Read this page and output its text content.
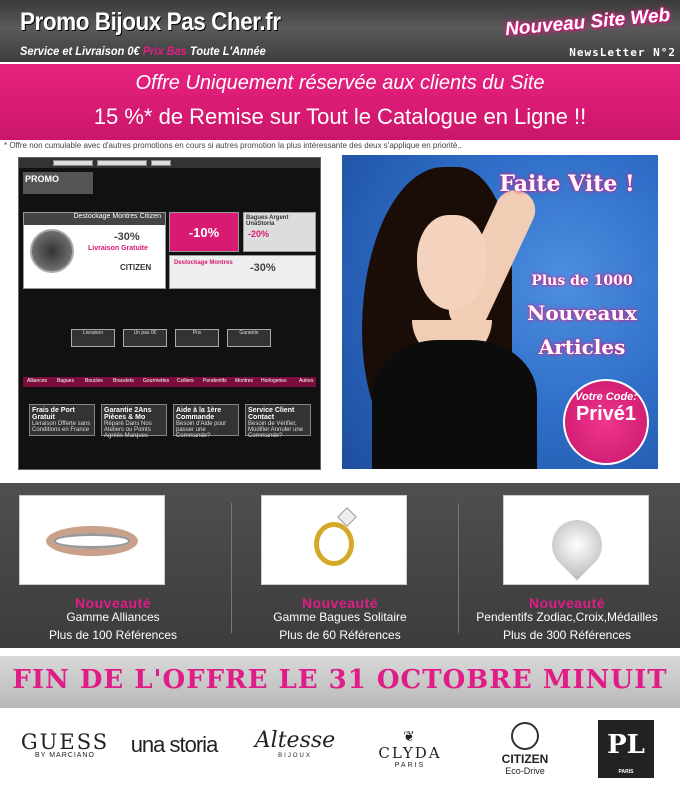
Promo Bijoux Pas Cher.fr
Service et Livraison 0€ Prix Bas Toute L'Année
Nouveau Site Web
NewsLetter N°2
Offre Uniquement réservée aux clients du Site
15 %* de Remise sur Tout le Catalogue en Ligne !!
* Offre non cumulable avec d'autres promotions en cours si autres promotion la plus intéressante des deux s'applique en priorité..
PROMO
Destockage Montres Citizen
-30%
Livraison Gratuite
CITIZEN
-10%
Bagues Argent UnaStoria
-20%
Destockage Montres -30%
Livraison	Un pas 0€	Prix	Garantie
Alliances Bagues Boucles Bracelets Gourmettes Colliers Pendentifs Montres Horlogeries Autres
Frais de Port Gratuit
Livraison Offerte sans Conditions en France
Garantie 2Ans Pièces & Mo
Réparé Dans Nos Ateliers ou Points Agréés Marques
Aide à la 1ère Commande
Besoin d'Aide pour passer une Commande?
Service Client Contact
Besoin de Vérifier, Modifier Annuler une Commande?
Faite Vite !
Plus de 1000
Nouveaux
Articles
Votre Code:
Privé1
Nouveauté
Gamme Alliances
Plus de 100 Références
Nouveauté
Gamme Bagues Solitaire
Plus de 60 Références
Nouveauté
Pendentifs Zodiac,Croix,Médailles
Plus de 300 Références
FIN DE L'OFFRE LE 31 OCTOBRE MINUIT
GUESS
BY MARCIANO	una storia Altesse
BIJOUX
❦
CLYDA
PARIS	CITIZEN
Eco-Drive
PL
PARIS
